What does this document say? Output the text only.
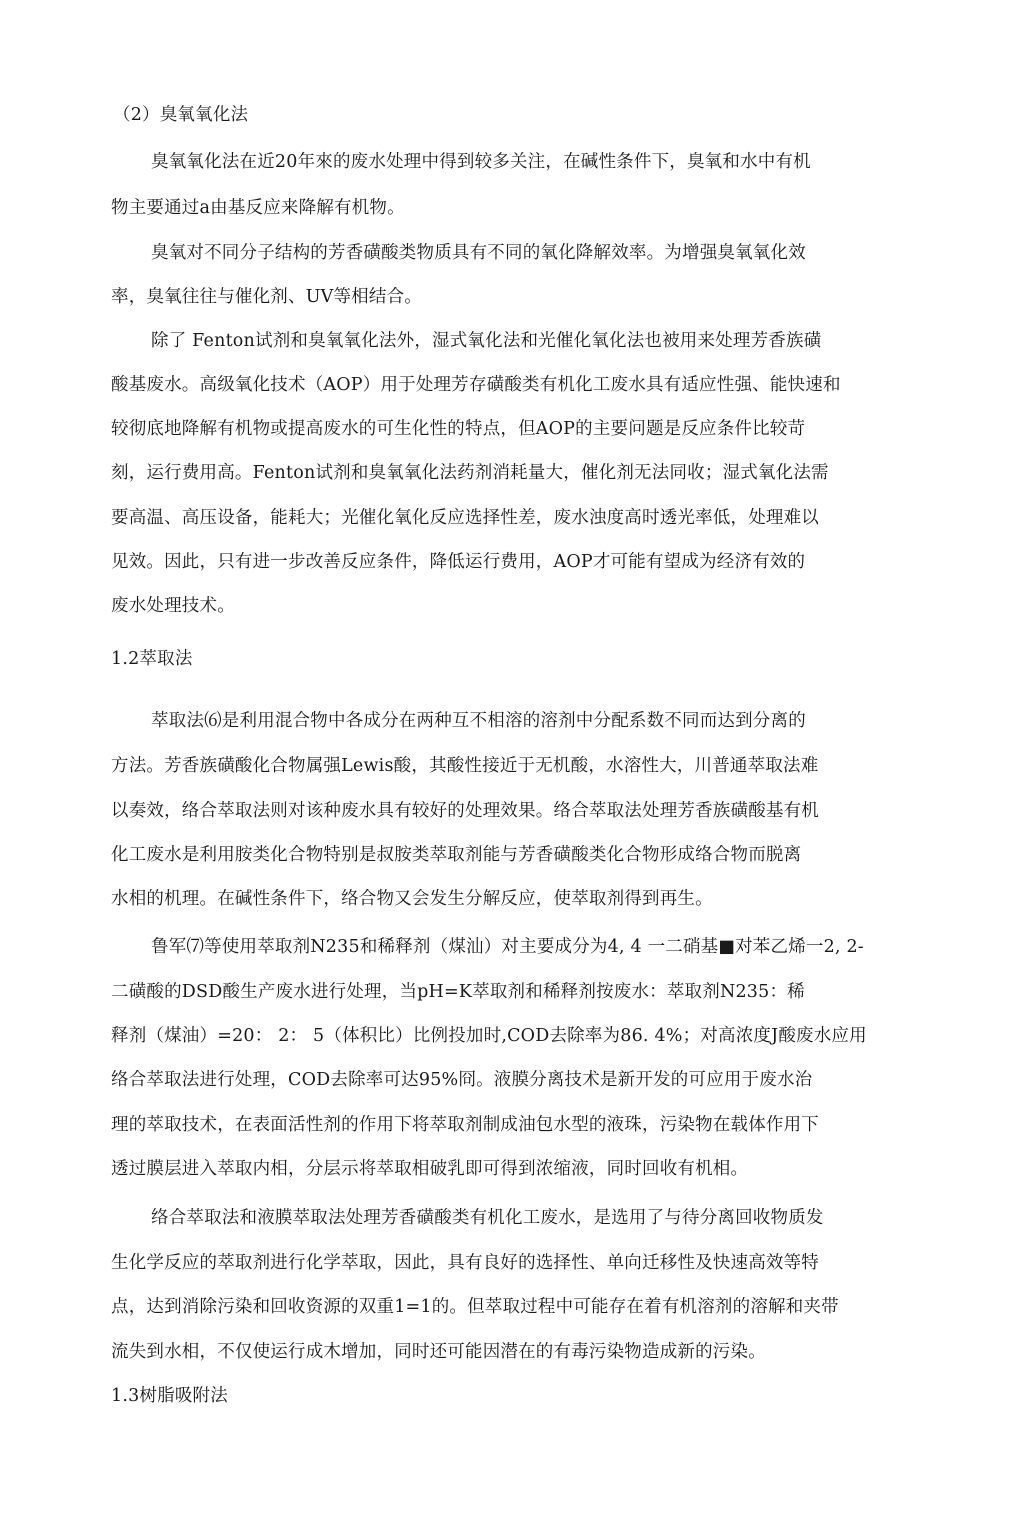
（2）臭氧氧化法
臭氧氧化法在近20年來的废水处理中得到较多关注，在碱性条件下，臭氧和水中有机
物主要通过a由基反应来降解有机物。
臭氧对不同分子结构的芳香磺酸类物质具有不同的氧化降解效率。为增强臭氧氧化效
率，臭氧往往与催化剂、UV等相结合。
除了 Fenton试剂和臭氧氧化法外，湿式氧化法和光催化氧化法也被用来处理芳香族磺
酸基废水。高级氧化技术（AOP）用于处理芳存磺酸类有机化工废水具有适应性强、能快速和
较彻底地降解有机物或提高废水的可生化性的特点，但AOP的主要问题是反应条件比较苛
刻，运行费用高。Fenton试剂和臭氧氧化法药剂消耗量大，催化剂无法同收；湿式氧化法需
要高温、高压设备，能耗大；光催化氧化反应选择性差，废水浊度高时透光率低，处理难以
见效。因此，只有进一步改善反应条件，降低运行费用，AOP才可能有望成为经济有效的
废水处理技术。
1.2萃取法
萃取法⑹是利用混合物中各成分在两种互不相溶的溶剂中分配系数不同而达到分离的
方法。芳香族磺酸化合物属强Lewis酸，其酸性接近于无机酸，水溶性大，川普通萃取法难
以奏效，络合萃取法则对该种废水具有较好的处理效果。络合萃取法处理芳香族磺酸基有机
化工废水是利用胺类化合物特别是叔胺类萃取剂能与芳香磺酸类化合物形成络合物而脱离
水相的机理。在碱性条件下，络合物又会发生分解反应，使萃取剂得到再生。
鲁军⑺等使用萃取剂N235和稀释剂（煤汕）对主要成分为4, 4 一二硝基■对苯乙烯一2, 2-
二磺酸的DSD酸生产废水进行处理，当pH=K萃取剂和稀释剂按废水：萃取剂N235：稀
释剂（煤油）=20： 2： 5（体积比）比例投加时,COD去除率为86. 4%；对高浓度J酸废水应用
络合萃取法进行处理，COD去除率可达95%冏。液膜分离技术是新开发的可应用于废水治
理的萃取技术，在表面活性剂的作用下将萃取剂制成油包水型的液珠，污染物在载体作用下
透过膜层进入萃取内相，分层示将萃取相破乳即可得到浓缩液，同时回收有机相。
络合萃取法和液膜萃取法处理芳香磺酸类有机化工废水，是选用了与待分离回收物质发
生化学反应的萃取剂进行化学萃取，因此，具有良好的选择性、单向迁移性及快速高效等特
点，达到消除污染和回收资源的双重1=1的。但萃取过程中可能存在着有机溶剂的溶解和夹带
流失到水相，不仅使运行成木增加，同时还可能因潜在的有毒污染物造成新的污染。
1.3树脂吸附法
